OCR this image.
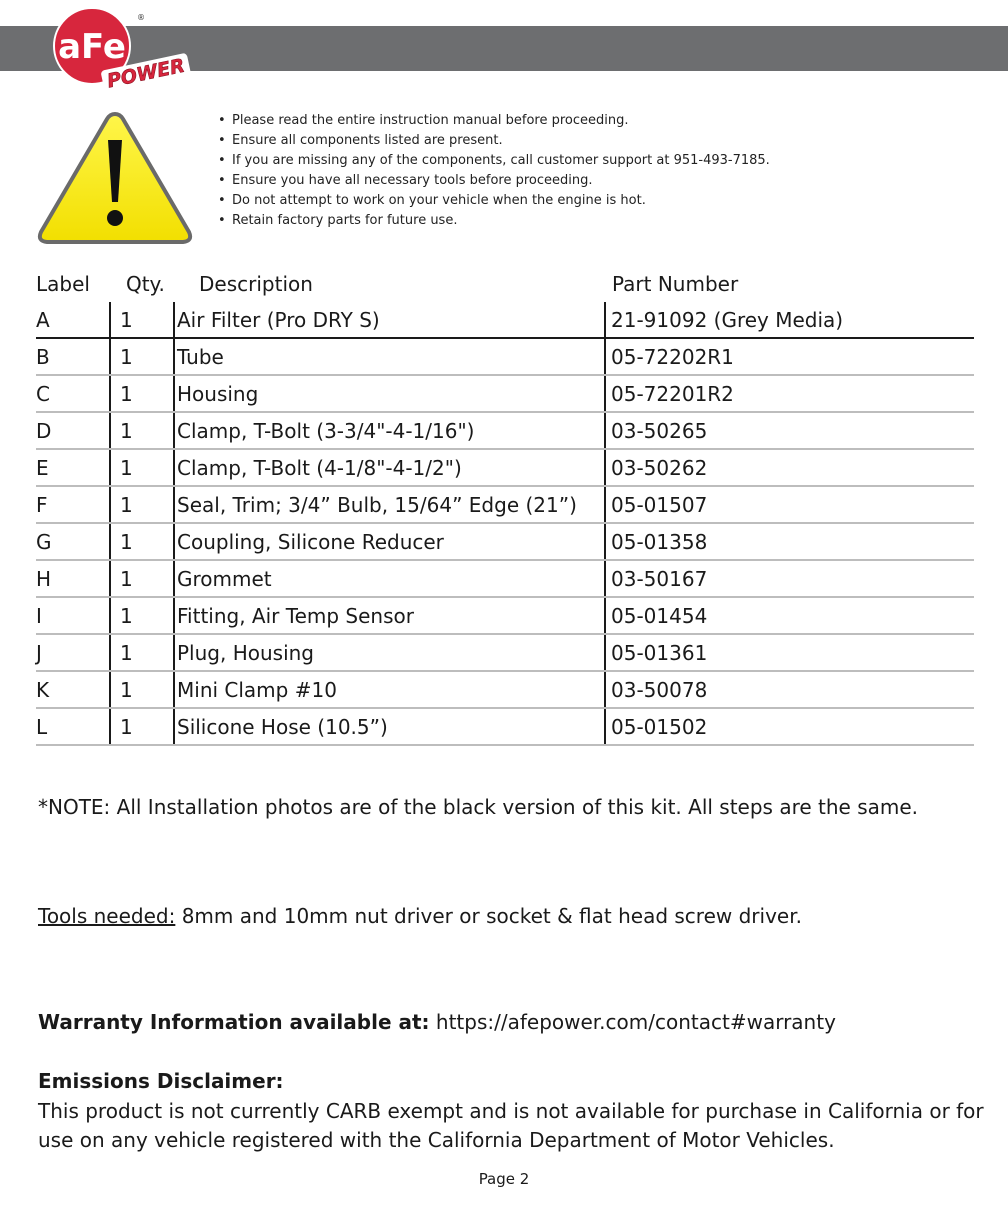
aFe
®
POWER
• Please read the entire instruction manual before proceeding.
• Ensure all components listed are present.
• If you are missing any of the components, call customer support at 951-493-7185.
• Ensure you have all necessary tools before proceeding.
• Do not attempt to work on your vehicle when the engine is hot.
• Retain factory parts for future use.
Label Qty.		Description	Part Number
A	1	Air Filter (Pro DRY S)	21-91092 (Grey Media)
B	1	Tube	05-72202R1
C	1	Housing	05-72201R2
D	1	Clamp, T-Bolt (3-3/4"-4-1/16")	03-50265
E	1	Clamp, T-Bolt (4-1/8"-4-1/2")	03-50262
F	1	Seal, Trim; 3/4” Bulb, 15/64” Edge (21”)	05-01507
G	1	Coupling, Silicone Reducer	05-01358
H	1	Grommet	03-50167
I	1	Fitting, Air Temp Sensor	05-01454
J	1	Plug, Housing	05-01361
K	1	Mini Clamp #10	03-50078
L	1	Silicone Hose (10.5”)	05-01502
*NOTE: All Installation photos are of the black version of this kit. All steps are the same.
Tools needed: 8mm and 10mm nut driver or socket & flat head screw driver.
Warranty Information available at: https://afepower.com/contact#warranty
Emissions Disclaimer:
This product is not currently CARB exempt and is not available for purchase in California or for use on any vehicle registered with the California Department of Motor Vehicles.
Page 2
